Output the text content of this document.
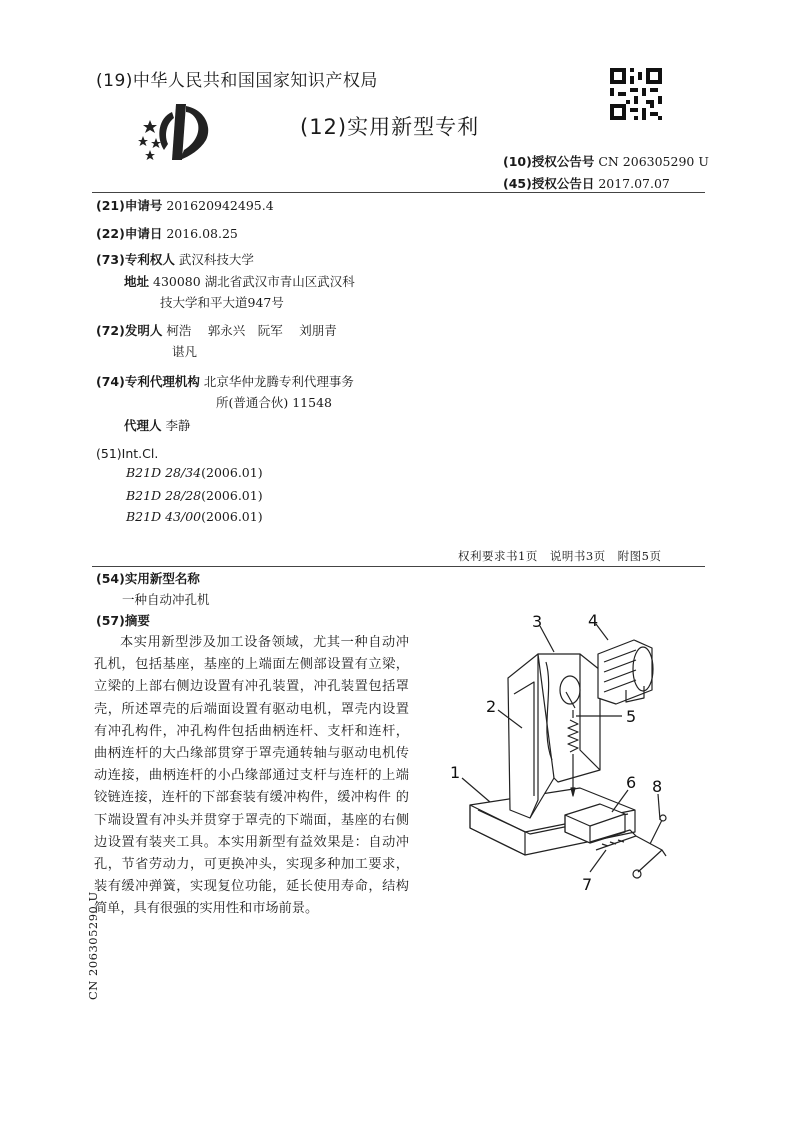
(19)中华人民共和国国家知识产权局
(12)实用新型专利
(10)授权公告号 CN 206305290 U
(45)授权公告日 2017.07.07
(21)申请号 201620942495.4
(22)申请日 2016.08.25
(73)专利权人 武汉科技大学
地址 430080 湖北省武汉市青山区武汉科
技大学和平大道947号
(72)发明人 柯浩　 郭永兴　阮军　 刘朋青
谌凡
(74)专利代理机构 北京华仲龙腾专利代理事务
所(普通合伙) 11548
代理人 李静
(51)Int.Cl.
B21D 28/34(2006.01)
B21D 28/28(2006.01)
B21D 43/00(2006.01)
权利要求书1页　说明书3页　附图5页
(54)实用新型名称
一种自动冲孔机
(57)摘要
本实用新型涉及加工设备领域，尤其一种自动冲孔机，包括基座，基座的上端面左侧部设置有立梁，立梁的上部右侧边设置有冲孔装置，冲孔装置包括罩壳，所述罩壳的后端面设置有驱动电机，罩壳内设置有冲孔构件，冲孔构件包括曲柄连杆、支杆和连杆，曲柄连杆的大凸缘部贯穿于罩壳通转轴与驱动电机传动连接，曲柄连杆的小凸缘部通过支杆与连杆的上端铰链连接，连杆的下部套装有缓冲构件，缓冲构件 的下端设置有冲头并贯穿于罩壳的下端面，基座的右侧边设置有装夹工具。本实用新型有益效果是：自动冲孔，节省劳动力，可更换冲头，实现多种加工要求，装有缓冲弹簧，实现复位功能，延长使用寿命，结构简单，具有很强的实用性和市场前景。
1
2
3	4
5
6
7
8
CN 206305290 U
